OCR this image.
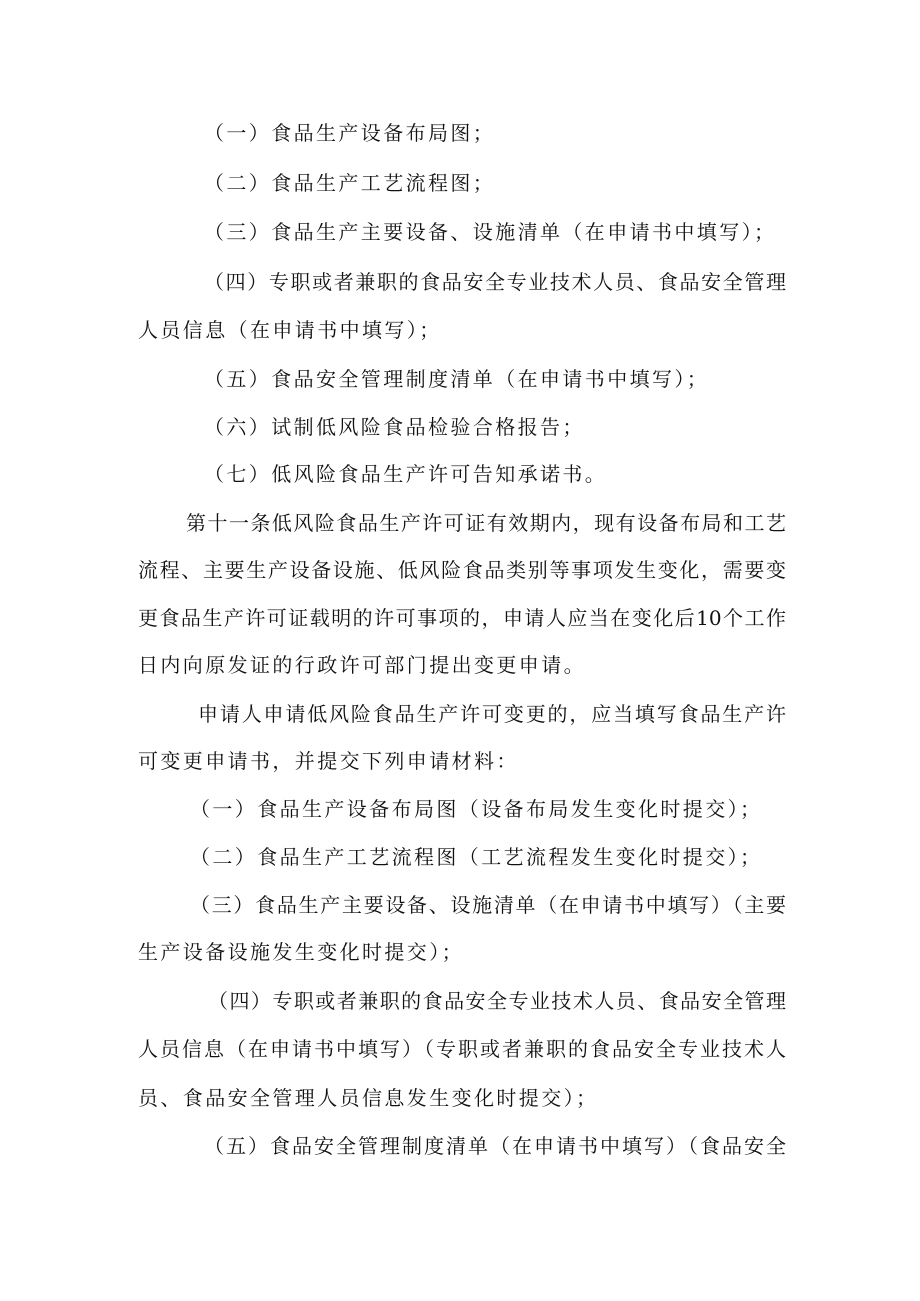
（一）食品生产设备布局图；
（二）食品生产工艺流程图；
（三）食品生产主要设备、设施清单（在申请书中填写）；
（四）专职或者兼职的食品安全专业技术人员、食品安全管理
人员信息（在申请书中填写）；
（五）食品安全管理制度清单（在申请书中填写）；
（六）试制低风险食品检验合格报告；
（七）低风险食品生产许可告知承诺书。
第十一条低风险食品生产许可证有效期内，现有设备布局和工艺
流程、主要生产设备设施、低风险食品类别等事项发生变化，需要变
更食品生产许可证载明的许可事项的，申请人应当在变化后10个工作
日内向原发证的行政许可部门提出变更申请。
申请人申请低风险食品生产许可变更的，应当填写食品生产许
可变更申请书，并提交下列申请材料：
（一）食品生产设备布局图（设备布局发生变化时提交）；
（二）食品生产工艺流程图（工艺流程发生变化时提交）；
（三）食品生产主要设备、设施清单（在申请书中填写）（主要
生产设备设施发生变化时提交）；
（四）专职或者兼职的食品安全专业技术人员、食品安全管理
人员信息（在申请书中填写）（专职或者兼职的食品安全专业技术人
员、食品安全管理人员信息发生变化时提交）；
（五）食品安全管理制度清单（在申请书中填写）（食品安全
